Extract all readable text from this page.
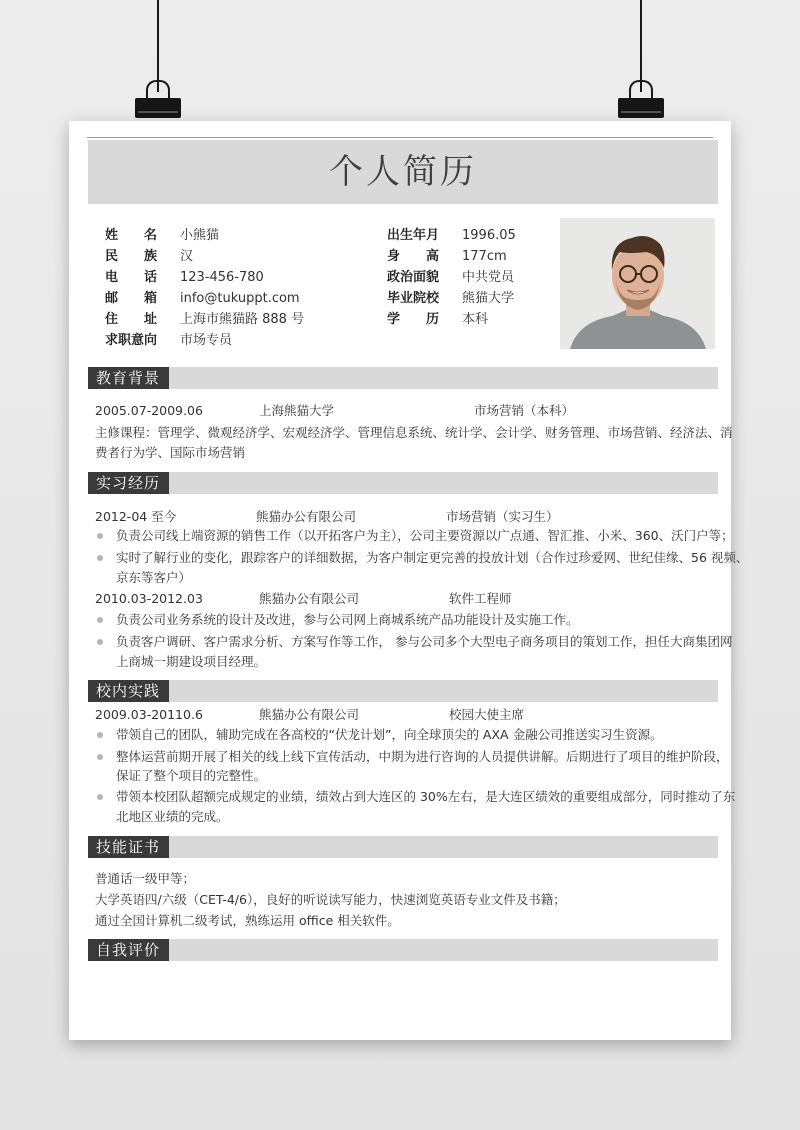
个人简历
姓　　名 小熊猫
民　　族 汉
电　　话 123-456-780
邮　　箱 info@tukuppt.com
住　　址 上海市熊猫路 888 号
求职意向 市场专员
出生年月 1996.05
身　　高 177cm
政治面貌 中共党员
毕业院校 熊猫大学
学　　历 本科
教育背景
2005.07-2009.06	上海熊猫大学	市场营销（本科）
主修课程：管理学、微观经济学、宏观经济学、管理信息系统、统计学、会计学、财务管理、市场营销、经济法、消
费者行为学、国际市场营销
实习经历
2012-04 至今	熊猫办公有限公司	市场营销（实习生）
负责公司线上端资源的销售工作（以开拓客户为主），公司主要资源以广点通、智汇推、小米、360、沃门户等；
实时了解行业的变化，跟踪客户的详细数据，为客户制定更完善的投放计划（合作过珍爱网、世纪佳缘、56 视频、
京东等客户）
2010.03-2012.03	熊猫办公有限公司	软件工程师
负责公司业务系统的设计及改进，参与公司网上商城系统产品功能设计及实施工作。
负责客户调研、客户需求分析、方案写作等工作， 参与公司多个大型电子商务项目的策划工作，担任大商集团网
上商城一期建设项目经理。
校内实践
2009.03-20110.6	熊猫办公有限公司	校园大使主席
带领自己的团队，辅助完成在各高校的“伏龙计划”，向全球顶尖的 AXA 金融公司推送实习生资源。
整体运营前期开展了相关的线上线下宣传活动，中期为进行咨询的人员提供讲解。后期进行了项目的维护阶段，
保证了整个项目的完整性。
带领本校团队超额完成规定的业绩，绩效占到大连区的 30%左右，是大连区绩效的重要组成部分，同时推动了东
北地区业绩的完成。
技能证书
普通话一级甲等；
大学英语四/六级（CET-4/6），良好的听说读写能力，快速浏览英语专业文件及书籍；
通过全国计算机二级考试，熟练运用 office 相关软件。
自我评价
